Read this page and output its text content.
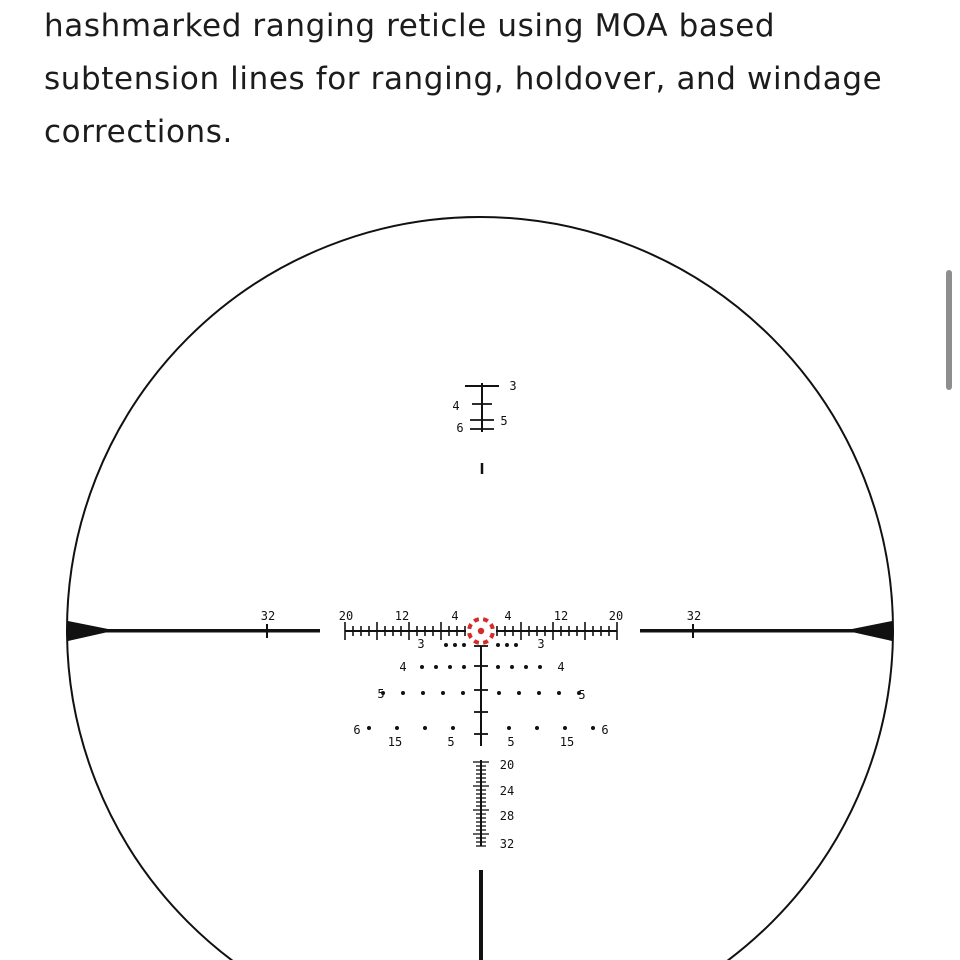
hashmarked ranging reticle using MOA based
subtension lines for ranging, holdover, and windage
corrections.

3
5
4
6
32	20	12	4	4	12	20	32
3	3
4	4
5	5
6	6
15	5	5	15
20
24
28
32
